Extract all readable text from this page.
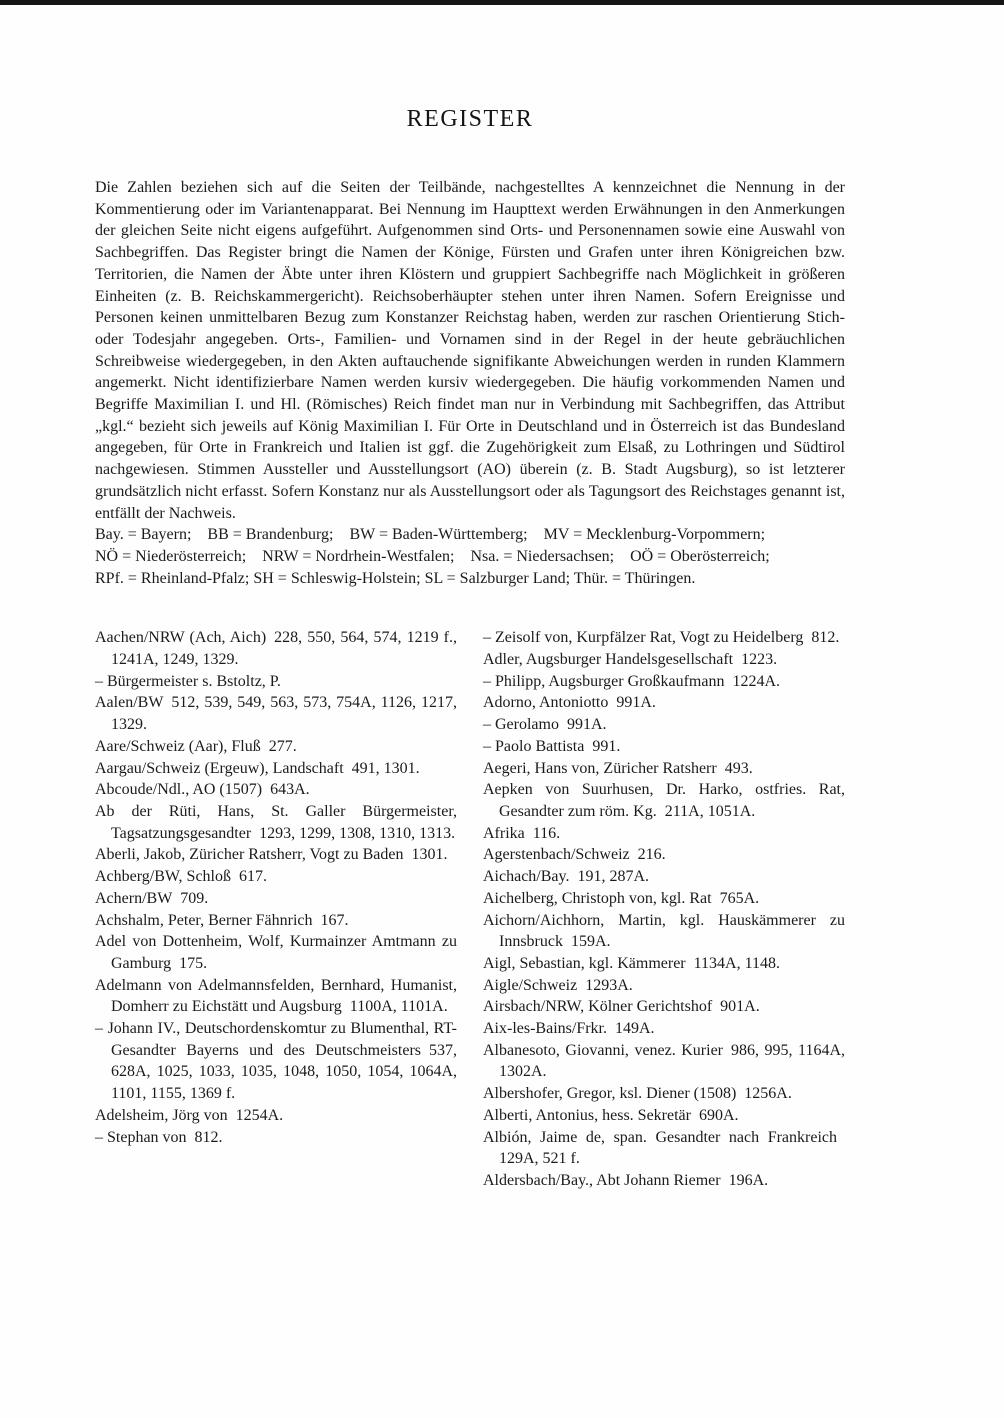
REGISTER

Die Zahlen beziehen sich auf die Seiten der Teilbände, nachgestelltes A kennzeichnet die Nennung in der Kommentierung oder im Variantenapparat. Bei Nennung im Haupttext werden Erwähnungen in den Anmerkungen der gleichen Seite nicht eigens aufgeführt. Aufgenommen sind Orts- und Personennamen sowie eine Auswahl von Sachbegriffen. Das Register bringt die Namen der Könige, Fürsten und Grafen unter ihren Königreichen bzw. Territorien, die Namen der Äbte unter ihren Klöstern und gruppiert Sachbegriffe nach Möglichkeit in größeren Einheiten (z. B. Reichskammergericht). Reichsoberhäupter stehen unter ihren Namen. Sofern Ereignisse und Personen keinen unmittelbaren Bezug zum Konstanzer Reichstag haben, werden zur raschen Orientierung Stich- oder Todesjahr angegeben. Orts-, Familien- und Vornamen sind in der Regel in der heute gebräuchlichen Schreibweise wiedergegeben, in den Akten auftauchende signifikante Abweichungen werden in runden Klammern angemerkt. Nicht identifizierbare Namen werden kursiv wiedergegeben. Die häufig vorkommenden Namen und Begriffe Maximilian I. und Hl. (Römisches) Reich findet man nur in Verbindung mit Sachbegriffen, das Attribut „kgl.“ bezieht sich jeweils auf König Maximilian I. Für Orte in Deutschland und in Österreich ist das Bundesland angegeben, für Orte in Frankreich und Italien ist ggf. die Zugehörigkeit zum Elsaß, zu Lothringen und Südtirol nachgewiesen. Stimmen Aussteller und Ausstellungsort (AO) überein (z. B. Stadt Augsburg), so ist letzterer grundsätzlich nicht erfasst. Sofern Konstanz nur als Ausstellungsort oder als Tagungsort des Reichstages genannt ist, entfällt der Nachweis.

Bay. = Bayern; BB = Brandenburg; BW = Baden-Württemberg; MV = Mecklenburg-Vorpommern;
NÖ = Niederösterreich; NRW = Nordrhein-Westfalen; Nsa. = Niedersachsen; OÖ = Oberösterreich;
RPf. = Rheinland-Pfalz; SH = Schleswig-Holstein; SL = Salzburger Land; Thür. = Thüringen.
Aachen/NRW (Ach, Aich) 228, 550, 564, 574, 1219 f., 1241A, 1249, 1329.
– Bürgermeister s. Bstoltz, P.
Aalen/BW 512, 539, 549, 563, 573, 754A, 1126, 1217, 1329.
Aare/Schweiz (Aar), Fluß 277.
Aargau/Schweiz (Ergeuw), Landschaft 491, 1301.
Abcoude/Ndl., AO (1507) 643A.
Ab der Rüti, Hans, St. Galler Bürgermeister, Tagsatzungsgesandter 1293, 1299, 1308, 1310, 1313.
Aberli, Jakob, Züricher Ratsherr, Vogt zu Baden 1301.
Achberg/BW, Schloß 617.
Achern/BW 709.
Achshalm, Peter, Berner Fähnrich 167.
Adel von Dottenheim, Wolf, Kurmainzer Amtmann zu Gamburg 175.
Adelmann von Adelmannsfelden, Bernhard, Humanist, Domherr zu Eichstätt und Augsburg 1100A, 1101A.
– Johann IV., Deutschordenskomtur zu Blumenthal, RT-Gesandter Bayerns und des Deutschmeisters 537, 628A, 1025, 1033, 1035, 1048, 1050, 1054, 1064A, 1101, 1155, 1369 f.
Adelsheim, Jörg von 1254A.
– Stephan von 812.
– Zeisolf von, Kurpfälzer Rat, Vogt zu Heidelberg 812.
Adler, Augsburger Handelsgesellschaft 1223.
– Philipp, Augsburger Großkaufmann 1224A.
Adorno, Antoniotto 991A.
– Gerolamo 991A.
– Paolo Battista 991.
Aegeri, Hans von, Züricher Ratsherr 493.
Aepken von Suurhusen, Dr. Harko, ostfries. Rat, Gesandter zum röm. Kg. 211A, 1051A.
Afrika 116.
Agerstenbach/Schweiz 216.
Aichach/Bay. 191, 287A.
Aichelberg, Christoph von, kgl. Rat 765A.
Aichorn/Aichhorn, Martin, kgl. Hauskämmerer zu Innsbruck 159A.
Aigl, Sebastian, kgl. Kämmerer 1134A, 1148.
Aigle/Schweiz 1293A.
Airsbach/NRW, Kölner Gerichtshof 901A.
Aix-les-Bains/Frkr. 149A.
Albanesoto, Giovanni, venez. Kurier 986, 995, 1164A, 1302A.
Albershofer, Gregor, ksl. Diener (1508) 1256A.
Alberti, Antonius, hess. Sekretär 690A.
Albión, Jaime de, span. Gesandter nach Frankreich 129A, 521 f.
Aldersbach/Bay., Abt Johann Riemer 196A.
